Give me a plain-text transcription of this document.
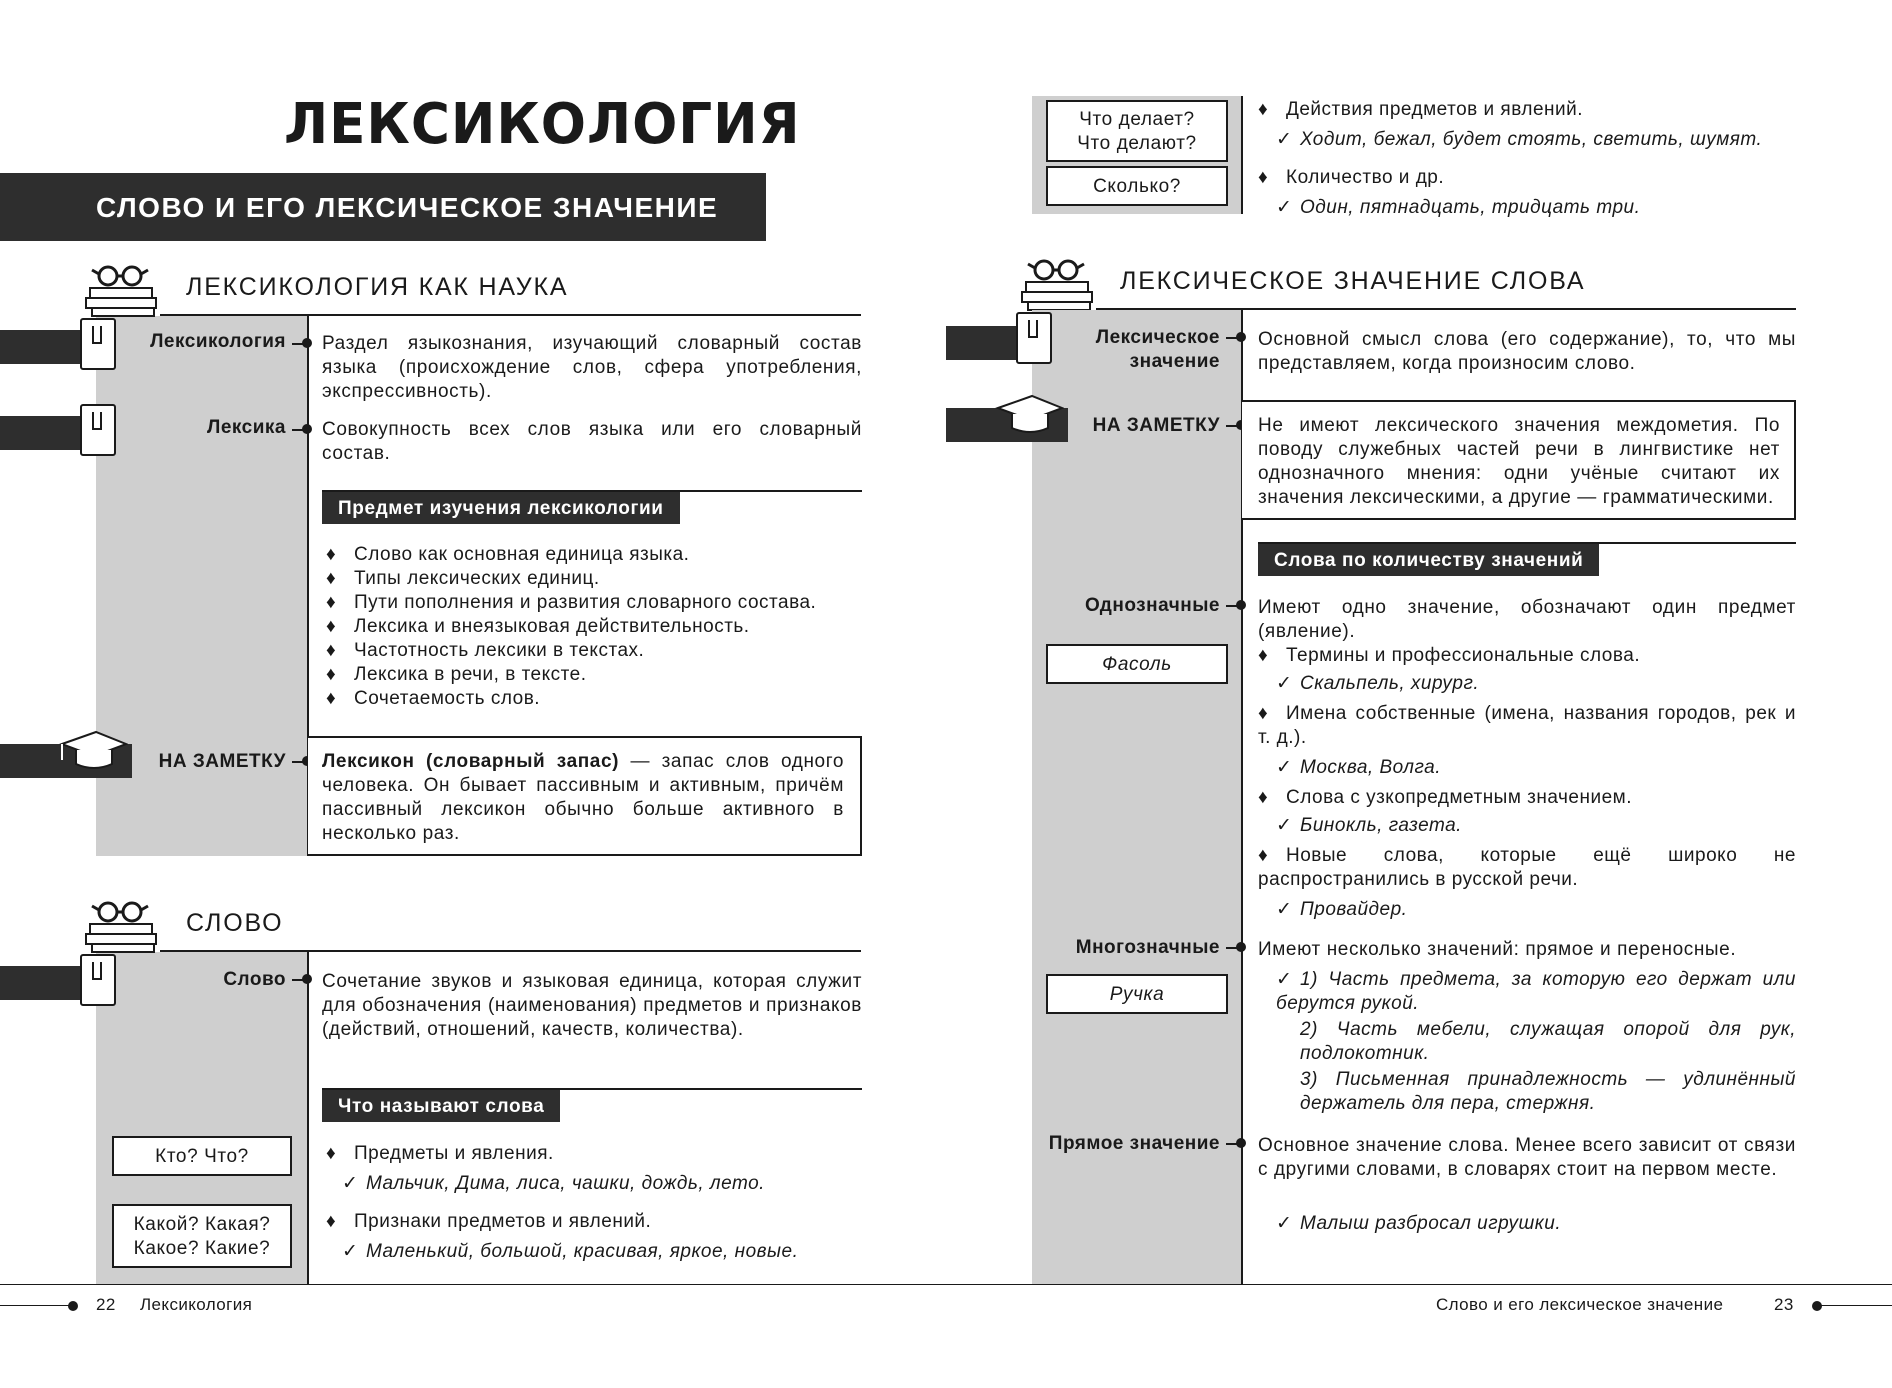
ЛЕКСИКОЛОГИЯ
СЛОВО И ЕГО ЛЕКСИЧЕСКОЕ ЗНАЧЕНИЕ
ЛЕКСИКОЛОГИЯ КАК НАУКА
Лексикология Раздел языкознания, изучающий словарный состав языка (происхождение слов, сфера употребления, экспрессивность).
Лексика Совокупность всех слов языка или его словарный состав.
Предмет изучения лексикологии
♦ Слово как основная единица языка.
♦ Типы лексических единиц.
♦ Пути пополнения и развития словарного состава.
♦ Лексика и внеязыковая действительность.
♦ Частотность лексики в текстах.
♦ Лексика в речи, в тексте.
♦ Сочетаемость слов.
НА ЗАМЕТКУ Лексикон (словарный запас) — запас слов одного человека. Он бывает пассивным и активным, причём пассивный лексикон обычно больше активного в несколько раз.
СЛОВО
Слово Сочетание звуков и языковая единица, которая служит для обозначения (наименования) предметов и признаков (действий, отношений, качеств, количества).
Что называют слова
Кто? Что?
Какой? Какая?
Какое? Какие?
♦ Предметы и явления.
✓ Мальчик, Дима, лиса, чашки, дождь, лето.
♦ Признаки предметов и явлений.
✓ Маленький, большой, красивая, яркое, новые.
22 Лексикология
Что делает?
Что делают?
Сколько?
♦ Действия предметов и явлений.
✓ Ходит, бежал, будет стоять, светить, шумят.
♦ Количество и др.
✓ Один, пятнадцать, тридцать три.
ЛЕКСИЧЕСКОЕ ЗНАЧЕНИЕ СЛОВА
Лексическое
значение
Основной смысл слова (его содержание), то, что мы представляем, когда произносим слово.
НА ЗАМЕТКУ Не имеют лексического значения междометия. По поводу служебных частей речи в лингвистике нет однозначного мнения: одни учёные считают их значения лексическими, а другие — грамматическими.
Слова по количеству значений
Однозначные Имеют одно значение, обозначают один предмет (явление).
Фасоль	♦ Термины и профессиональные слова.
✓ Скальпель, хирург.
♦ Имена собственные (имена, названия городов, рек и т. д.).
✓ Москва, Волга.
♦ Слова с узкопредметным значением.
✓ Бинокль, газета.
♦ Новые слова, которые ещё широко не распространились в русской речи.
✓ Провайдер.
Многозначные Имеют несколько значений: прямое и переносные.
Ручка
✓ 1) Часть предмета, за которую его держат или берутся рукой.
2) Часть мебели, служащая опорой для рук, подлокотник.
3) Письменная принадлежность — удлинённый держатель для пера, стержня.
Прямое значение Основное значение слова. Менее всего зависит от связи с другими словами, в словарях стоит на первом месте.
✓ Малыш разбросал игрушки.
Слово и его лексическое значение	23
